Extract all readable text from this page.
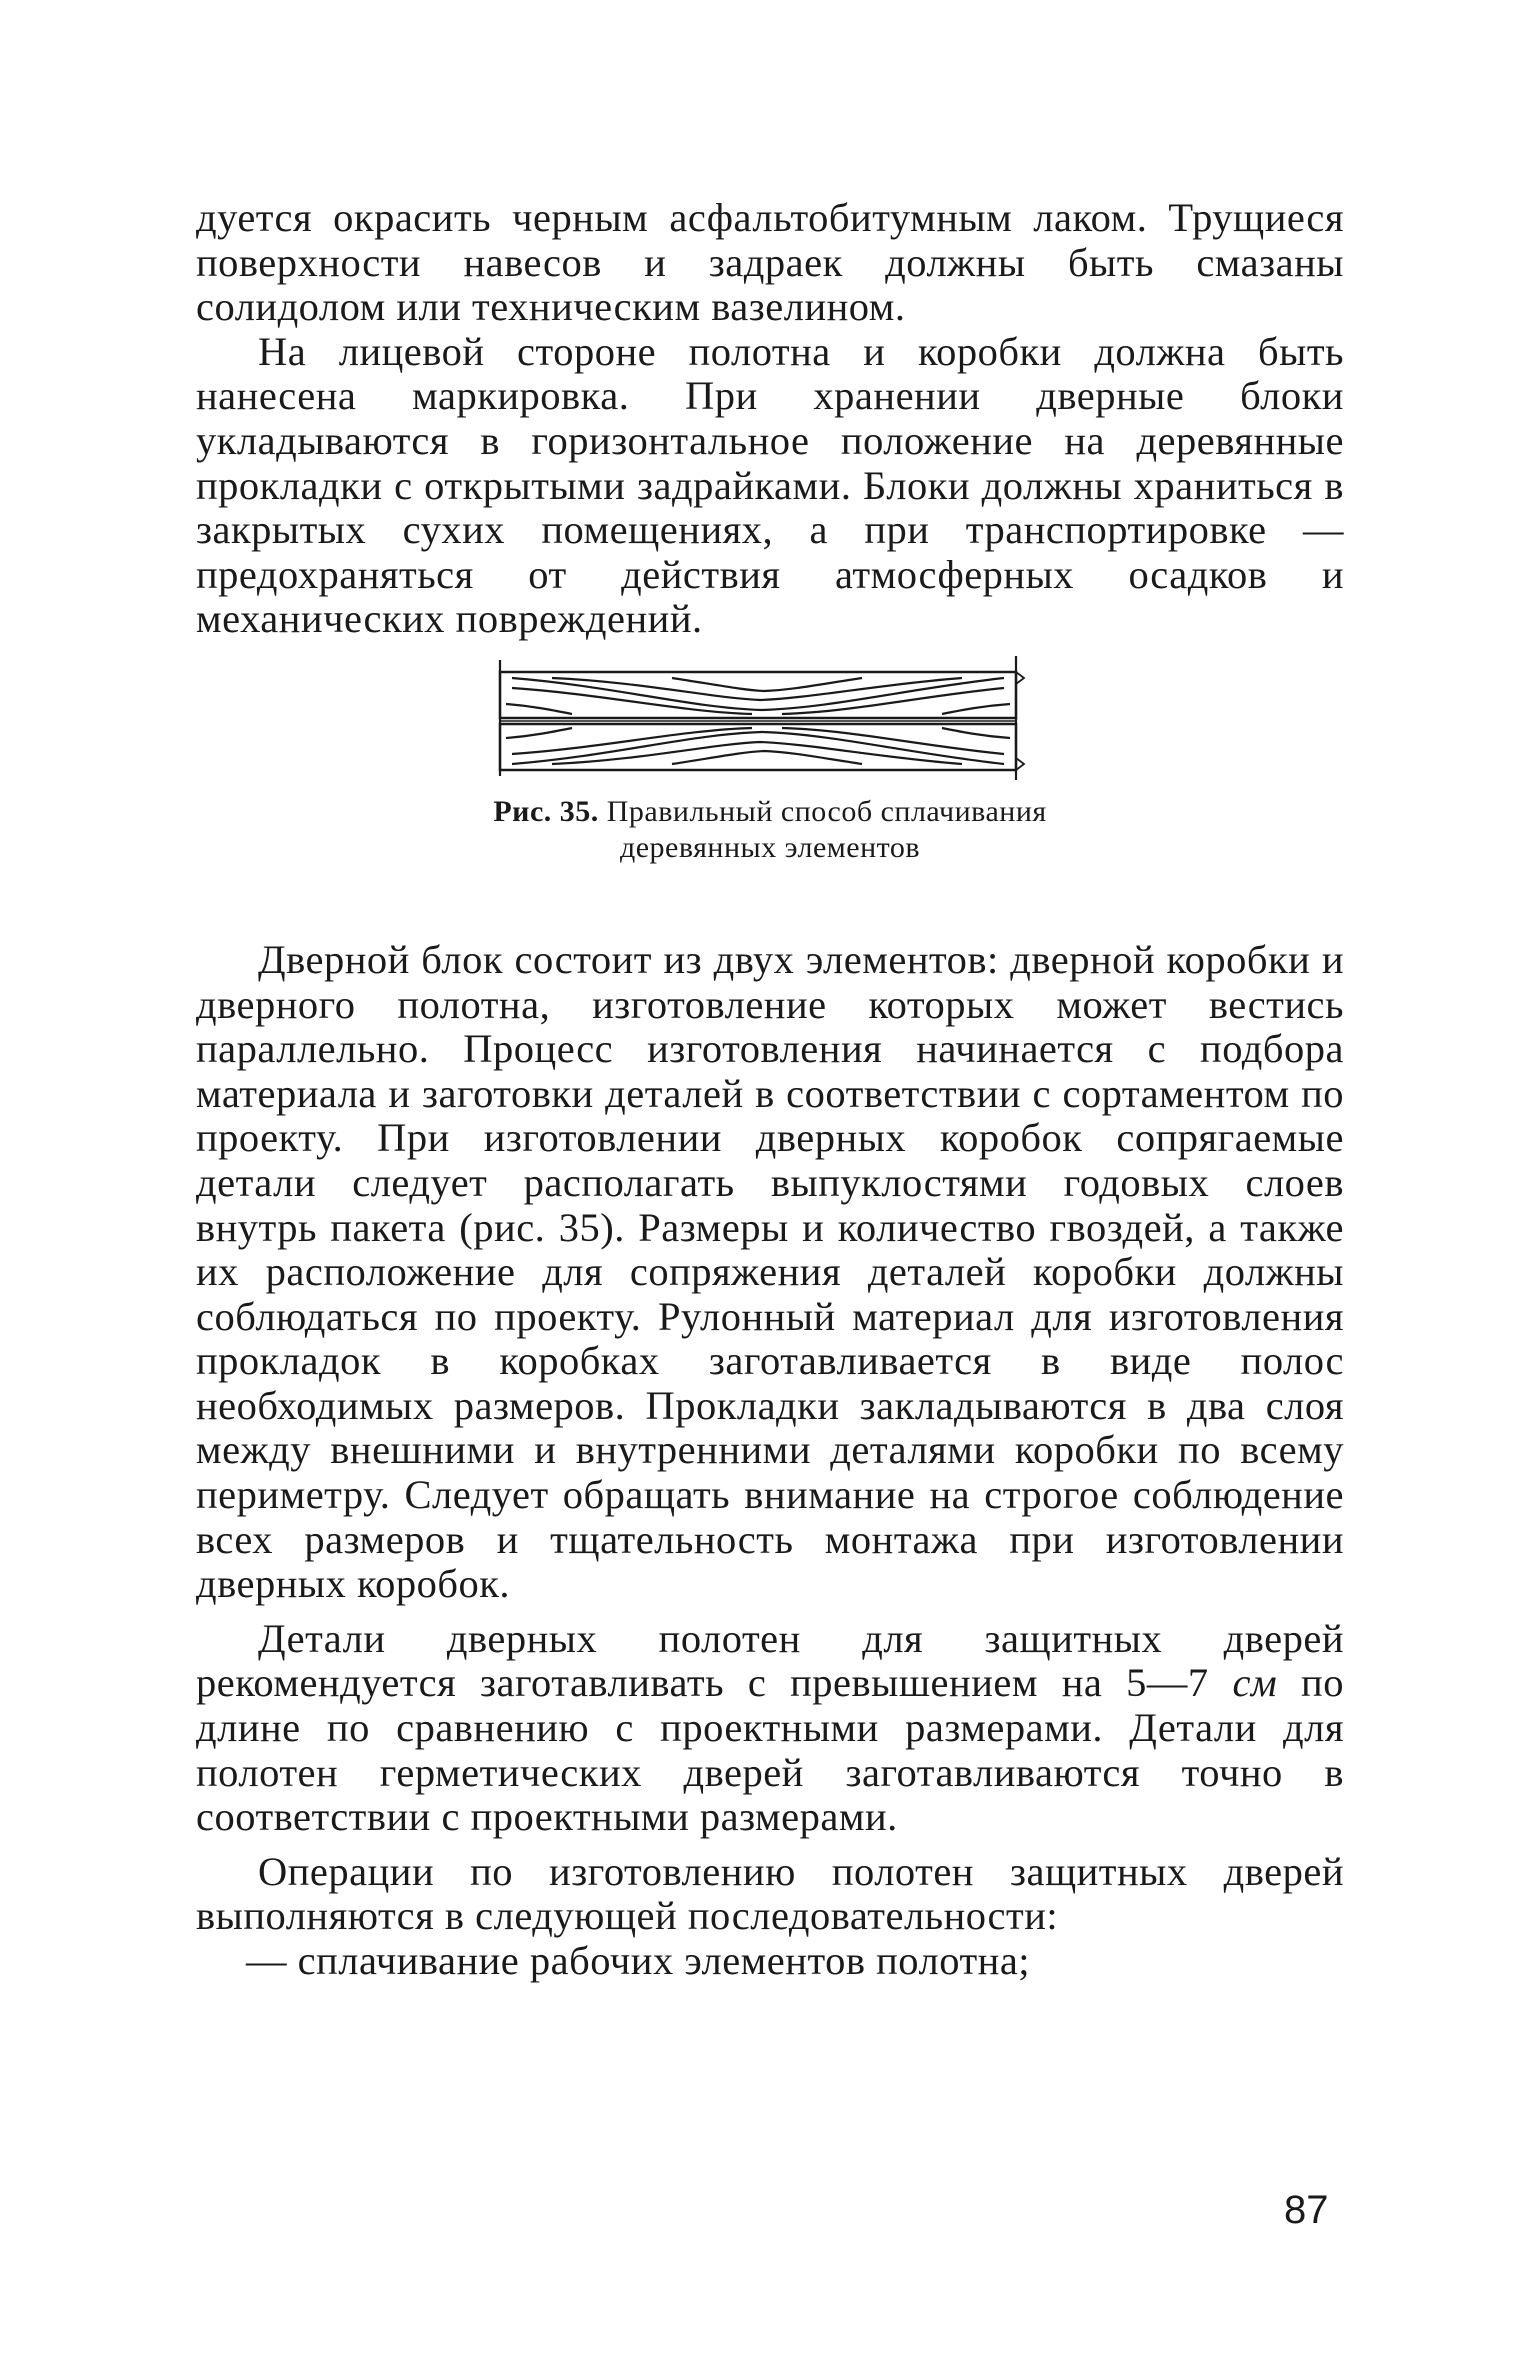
дуется окрасить черным асфальтобитумным лаком. Трущиеся поверхности навесов и задраек должны быть смазаны солидолом или техническим вазелином.

На лицевой стороне полотна и коробки должна быть нанесена маркировка. При хранении дверные блоки укладываются в горизонтальное положение на деревянные прокладки с открытыми задрайками. Блоки должны храниться в закрытых сухих помещениях, а при транспортировке — предохраняться от действия атмосферных осадков и механических повреждений.

Рис. 35. Правильный способ сплачивания деревянных элементов

Дверной блок состоит из двух элементов: дверной коробки и дверного полотна, изготовление которых может вестись параллельно. Процесс изготовления начинается с подбора материала и заготовки деталей в соответствии с сортаментом по проекту. При изготовлении дверных коробок сопрягаемые детали следует располагать выпуклостями годовых слоев внутрь пакета (рис. 35). Размеры и количество гвоздей, а также их расположение для сопряжения деталей коробки должны соблюдаться по проекту. Рулонный материал для изготовления прокладок в коробках заготавливается в виде полос необходимых размеров. Прокладки закладываются в два слоя между внешними и внутренними деталями коробки по всему периметру. Следует обращать внимание на строгое соблюдение всех размеров и тщательность монтажа при изготовлении дверных коробок.

Детали дверных полотен для защитных дверей рекомендуется заготавливать с превышением на 5—7 см по длине по сравнению с проектными размерами. Детали для полотен герметических дверей заготавливаются точно в соответствии с проектными размерами.

Операции по изготовлению полотен защитных дверей выполняются в следующей последовательности:

— сплачивание рабочих элементов полотна;

87
